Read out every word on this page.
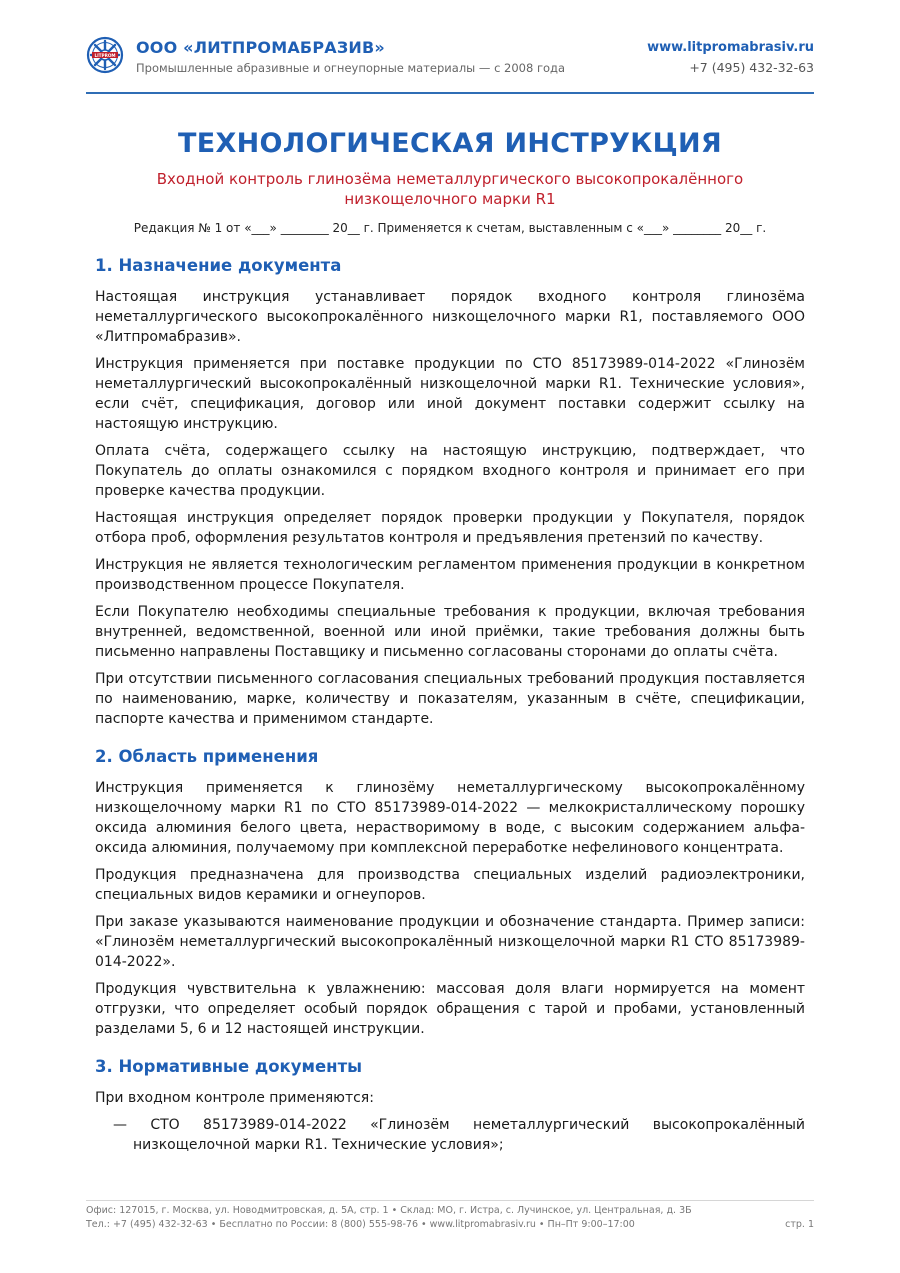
LITPROM ООО «ЛИТПРОМАБРАЗИВ»
Промышленные абразивные и огнеупорные материалы — с 2008 года
www.litpromabrasiv.ru
+7 (495) 432-32-63
ТЕХНОЛОГИЧЕСКАЯ ИНСТРУКЦИЯ
Входной контроль глинозёма неметаллургического высокопрокалённого
низкощелочного марки R1
Редакция № 1 от «___» ________ 20__ г. Применяется к счетам, выставленным с «___» ________ 20__ г.
1. Назначение документа

Настоящая инструкция устанавливает порядок входного контроля глинозёма неметаллургического высокопрокалённого низкощелочного марки R1, поставляемого ООО «Литпромабразив».

Инструкция применяется при поставке продукции по СТО 85173989-014-2022 «Глинозём неметаллургический высокопрокалённый низкощелочной марки R1. Технические условия», если счёт, спецификация, договор или иной документ поставки содержит ссылку на настоящую инструкцию.

Оплата счёта, содержащего ссылку на настоящую инструкцию, подтверждает, что Покупатель до оплаты ознакомился с порядком входного контроля и принимает его при проверке качества продукции.

Настоящая инструкция определяет порядок проверки продукции у Покупателя, порядок отбора проб, оформления результатов контроля и предъявления претензий по качеству.

Инструкция не является технологическим регламентом применения продукции в конкретном производственном процессе Покупателя.

Если Покупателю необходимы специальные требования к продукции, включая требования внутренней, ведомственной, военной или иной приёмки, такие требования должны быть письменно направлены Поставщику и письменно согласованы сторонами до оплаты счёта.

При отсутствии письменного согласования специальных требований продукция поставляется по наименованию, марке, количеству и показателям, указанным в счёте, спецификации, паспорте качества и применимом стандарте.

2. Область применения

Инструкция применяется к глинозёму неметаллургическому высокопрокалённому низкощелочному марки R1 по СТО 85173989-014-2022 — мелкокристаллическому порошку оксида алюминия белого цвета, нерастворимому в воде, с высоким содержанием альфа-оксида алюминия, получаемому при комплексной переработке нефелинового концентрата.

Продукция предназначена для производства специальных изделий радиоэлектроники, специальных видов керамики и огнеупоров.

При заказе указываются наименование продукции и обозначение стандарта. Пример записи: «Глинозём неметаллургический высокопрокалённый низкощелочной марки R1 СТО 85173989-014-2022».

Продукция чувствительна к увлажнению: массовая доля влаги нормируется на момент отгрузки, что определяет особый порядок обращения с тарой и пробами, установленный разделами 5, 6 и 12 настоящей инструкции.

3. Нормативные документы

При входном контроле применяются:

— СТО 85173989-014-2022 «Глинозём неметаллургический высокопрокалённый низкощелочной марки R1. Технические условия»;
Офис: 127015, г. Москва, ул. Новодмитровская, д. 5А, стр. 1 • Склад: МО, г. Истра, с. Лучинское, ул. Центральная, д. 3Б
Тел.: +7 (495) 432-32-63 • Бесплатно по России: 8 (800) 555-98-76 • www.litpromabrasiv.ru • Пн–Пт 9:00–17:00	стр. 1
